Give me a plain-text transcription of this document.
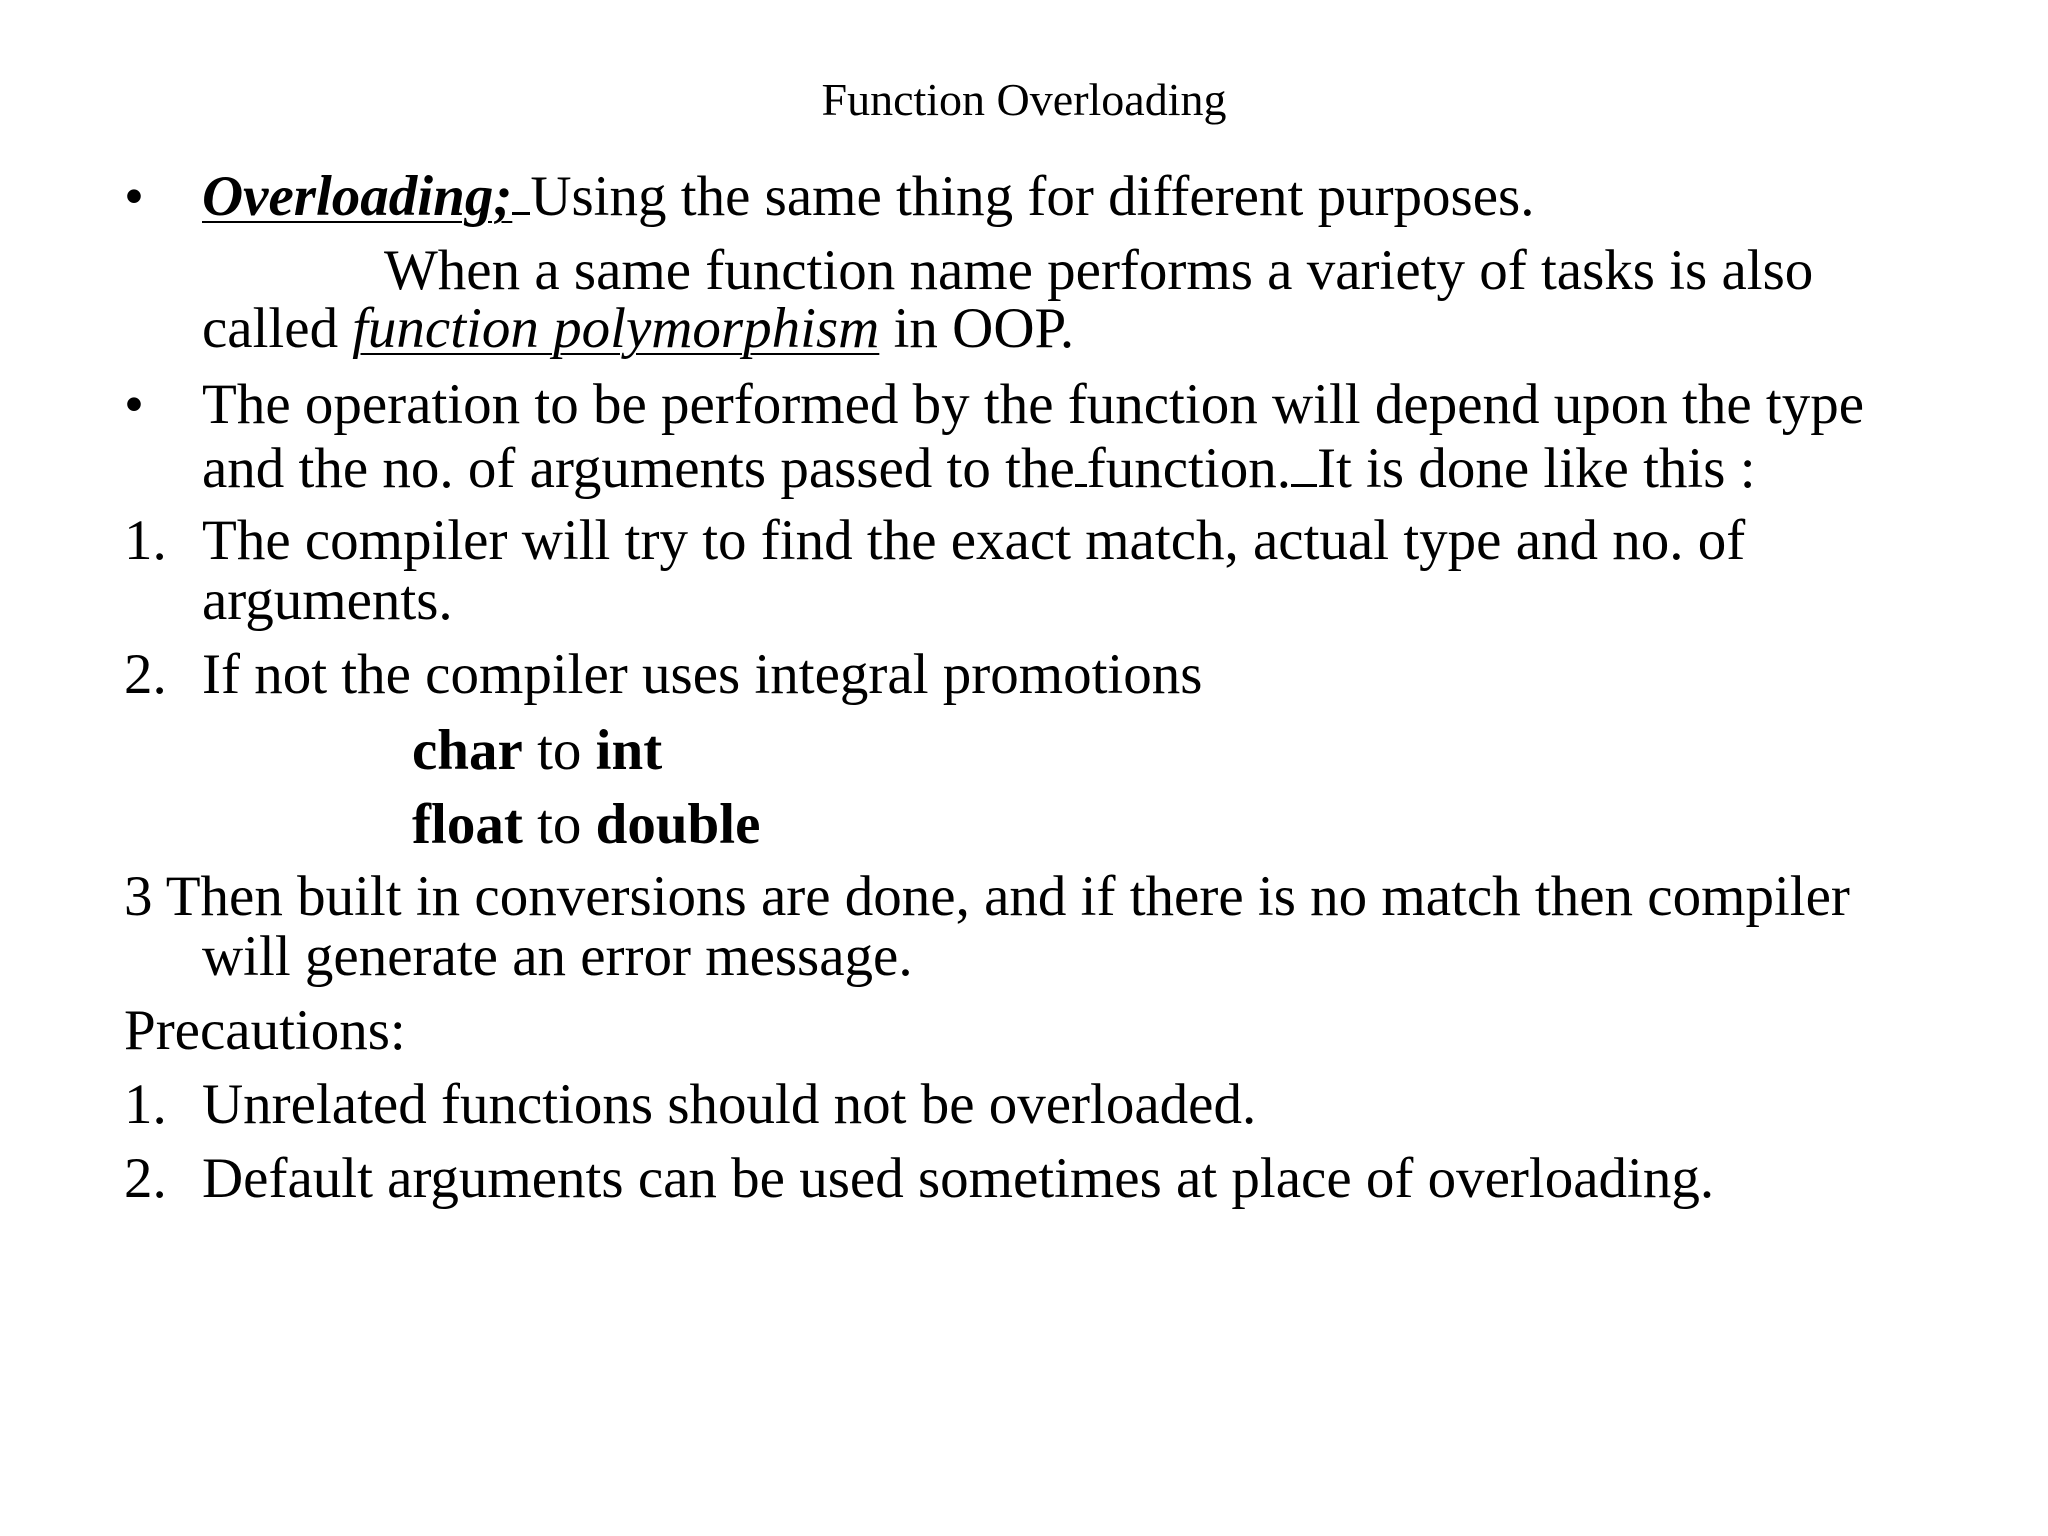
Function Overloading
• Overloading; Using the same thing for different purposes.

When a same function name performs a variety of tasks is also

called function polymorphism in OOP.

• The operation to be performed by the function will depend upon the type

and the no. of arguments passed to the function. It is done like this :

1. The compiler will try to find the exact match, actual type and no. of

arguments.

2. If not the compiler uses integral promotions

char to int

float to double

3 Then built in conversions are done, and if there is no match then compiler

will generate an error message.

Precautions:

1. Unrelated functions should not be overloaded.

2. Default arguments can be used sometimes at place of overloading.
